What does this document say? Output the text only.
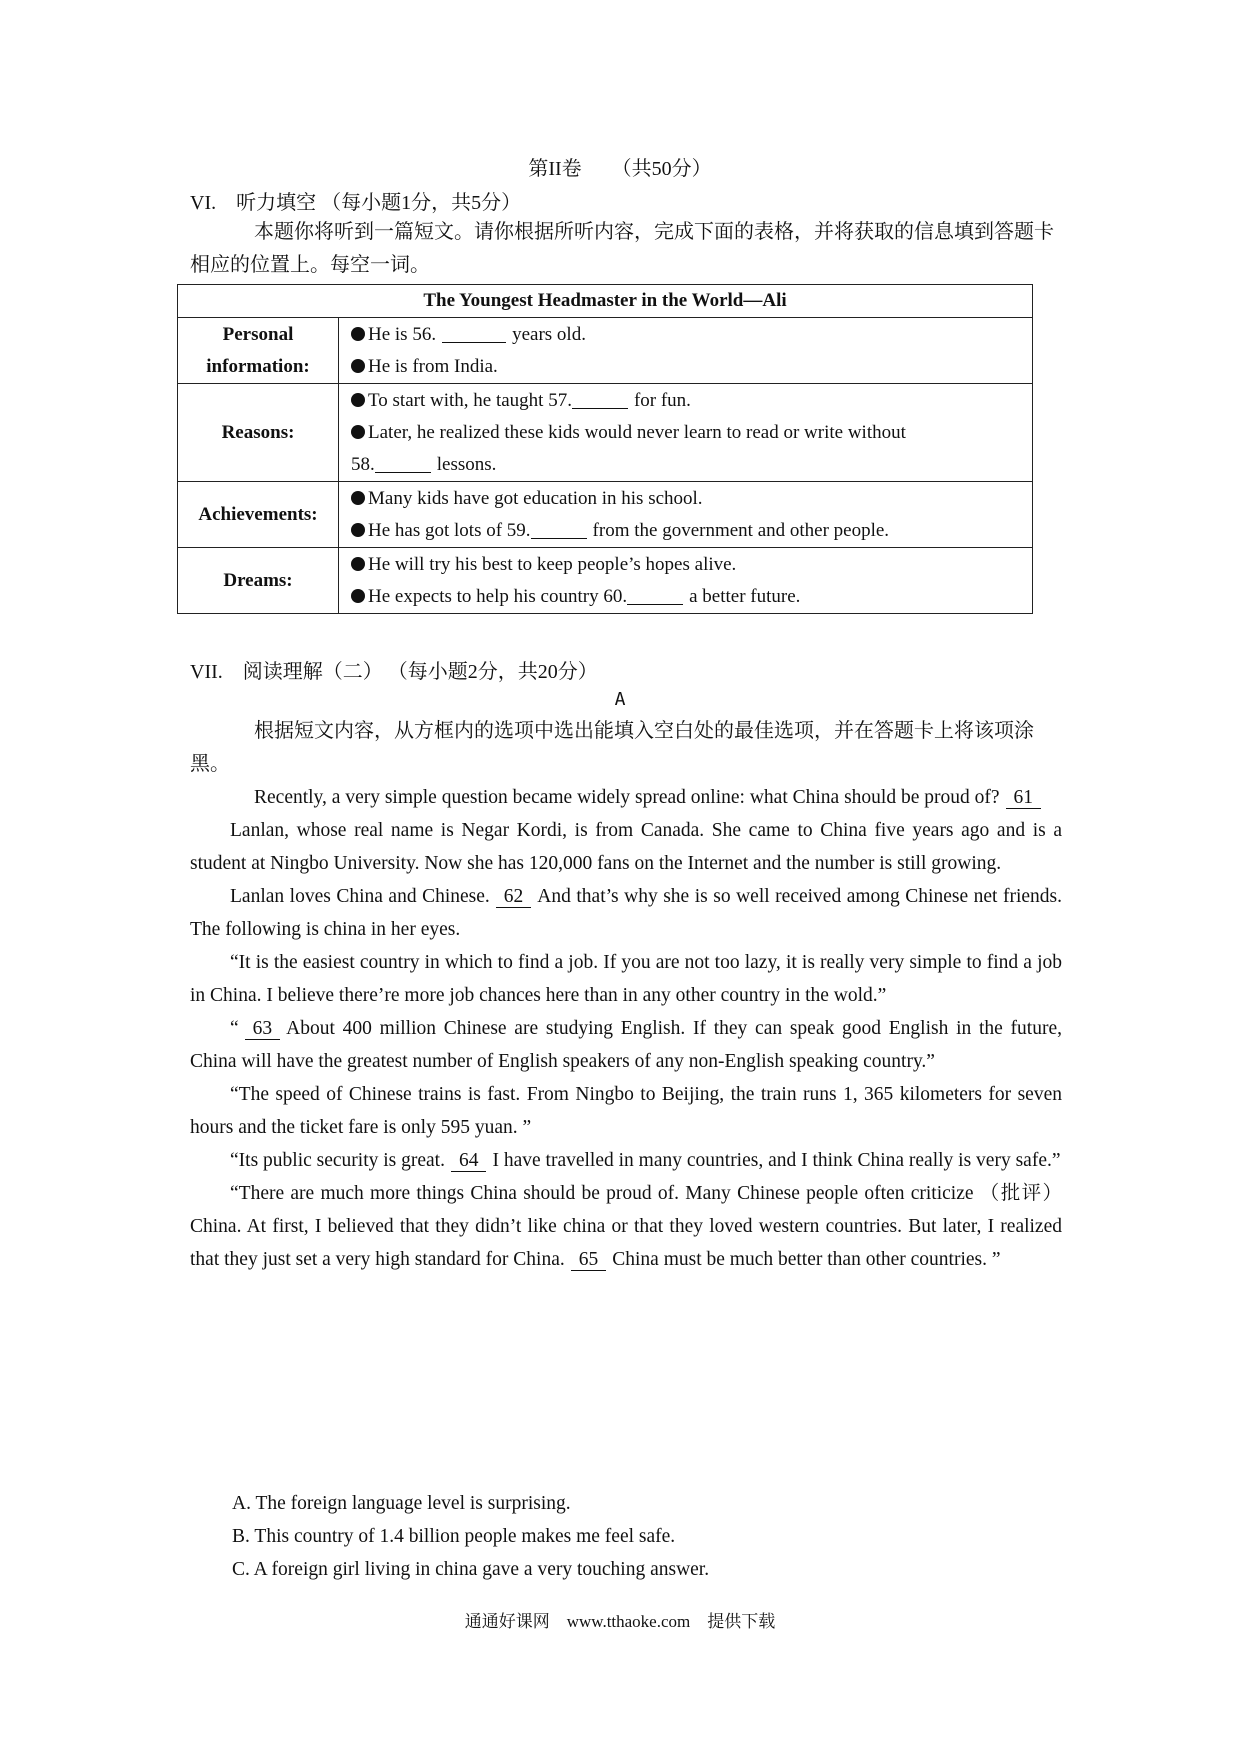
第II卷　　（共50分）
VI.　听力填空 （每小题1分，共5分）
本题你将听到一篇短文。请你根据所听内容，完成下面的表格，并将获取的信息填到答题卡相应的位置上。每空一词。
The Youngest Headmaster in the World—Ali	
Personal information:	He is 56. years old.
He is from India.

Reasons:	To start with, he taught 57. for fun.
Later, he realized these kids would never learn to read or write without
58. lessons.

Achievements:	Many kids have got education in his school.
He has got lots of 59. from the government and other people.

Dreams:	He will try his best to keep people’s hopes alive.
He expects to help his country 60. a better future.
VII.　阅读理解（二） （每小题2分，共20分）
A
根据短文内容，从方框内的选项中选出能填入空白处的最佳选项，并在答题卡上将该项涂黑。

Recently, a very simple question became widely spread online: what China should be proud of? 61

Lanlan, whose real name is Negar Kordi, is from Canada. She came to China five years ago and is a student at Ningbo University. Now she has 120,000 fans on the Internet and the number is still growing.

Lanlan loves China and Chinese. 62 And that’s why she is so well received among Chinese net friends. The following is china in her eyes.

“It is the easiest country in which to find a job. If you are not too lazy, it is really very simple to find a job in China. I believe there’re more job chances here than in any other country in the wold.”

“ 63 About 400 million Chinese are studying English. If they can speak good English in the future, China will have the greatest number of English speakers of any non-English speaking country.”

“The speed of Chinese trains is fast. From Ningbo to Beijing, the train runs 1, 365 kilometers for seven hours and the ticket fare is only 595 yuan. ”

“Its public security is great. 64 I have travelled in many countries, and I think China really is very safe.”

“There are much more things China should be proud of. Many Chinese people often criticize （批评）China. At first, I believed that they didn’t like china or that they loved western countries. But later, I realized that they just set a very high standard for China. 65 China must be much better than other countries. ”

A. The foreign language level is surprising.
B. This country of 1.4 billion people makes me feel safe.
C. A foreign girl living in china gave a very touching answer.
通通好课网　www.tthaoke.com　提供下载
